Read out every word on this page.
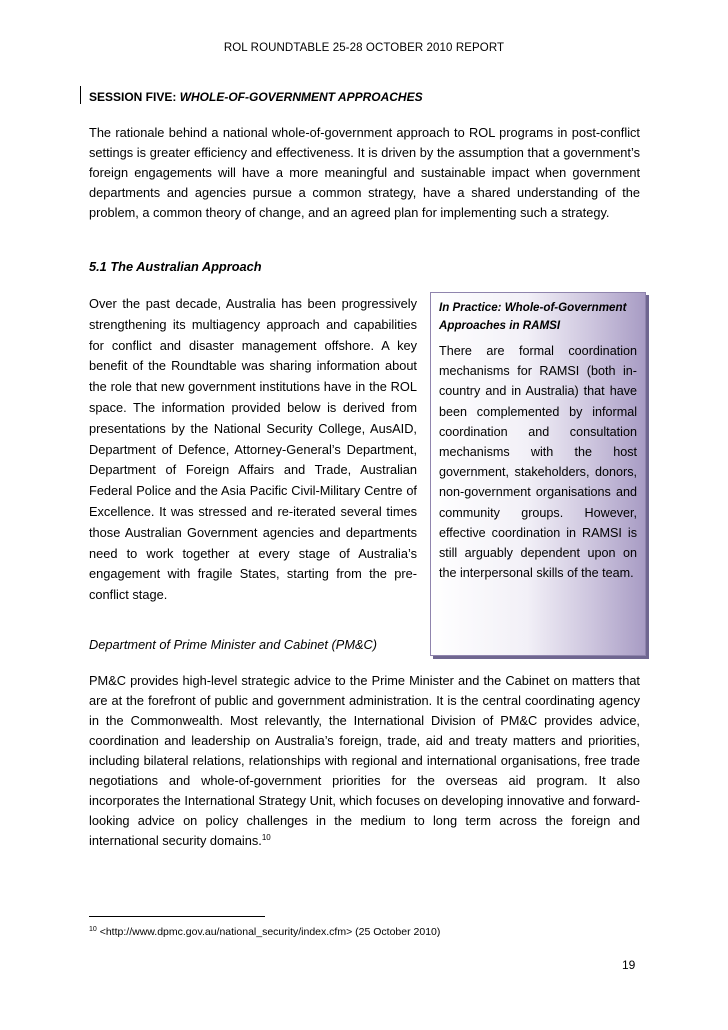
ROL ROUNDTABLE 25-28 OCTOBER 2010 REPORT
SESSION FIVE: WHOLE-OF-GOVERNMENT APPROACHES

The rationale behind a national whole-of-government approach to ROL programs in post-conflict settings is greater efficiency and effectiveness. It is driven by the assumption that a government’s foreign engagements will have a more meaningful and sustainable impact when government departments and agencies pursue a common strategy, have a shared understanding of the problem, a common theory of change, and an agreed plan for implementing such a strategy.

5.1 The Australian Approach

Over the past decade, Australia has been progressively strengthening its multiagency approach and capabilities for conflict and disaster management offshore. A key benefit of the Roundtable was sharing information about the role that new government institutions have in the ROL space. The information provided below is derived from presentations by the National Security College, AusAID, Department of Defence, Attorney-General’s Department, Department of Foreign Affairs and Trade, Australian Federal Police and the Asia Pacific Civil-Military Centre of Excellence. It was stressed and re-iterated several times those Australian Government agencies and departments need to work together at every stage of Australia’s engagement with fragile States, starting from the pre-conflict stage.

In Practice: Whole-of-Government Approaches in RAMSI

There are formal coordination mechanisms for RAMSI (both in-country and in Australia) that have been complemented by informal coordination and consultation mechanisms with the host government, stakeholders, donors, non-government organisations and community groups. However, effective coordination in RAMSI is still arguably dependent upon on the interpersonal skills of the team.

Department of Prime Minister and Cabinet (PM&C)

PM&C provides high-level strategic advice to the Prime Minister and the Cabinet on matters that are at the forefront of public and government administration. It is the central coordinating agency in the Commonwealth. Most relevantly, the International Division of PM&C provides advice, coordination and leadership on Australia’s foreign, trade, aid and treaty matters and priorities, including bilateral relations, relationships with regional and international organisations, free trade negotiations and whole-of-government priorities for the overseas aid program. It also incorporates the International Strategy Unit, which focuses on developing innovative and forward-looking advice on policy challenges in the medium to long term across the foreign and international security domains.$^{10}$

$^{10}$ <http://www.dpmc.gov.au/national_security/index.cfm> (25 October 2010)
19
